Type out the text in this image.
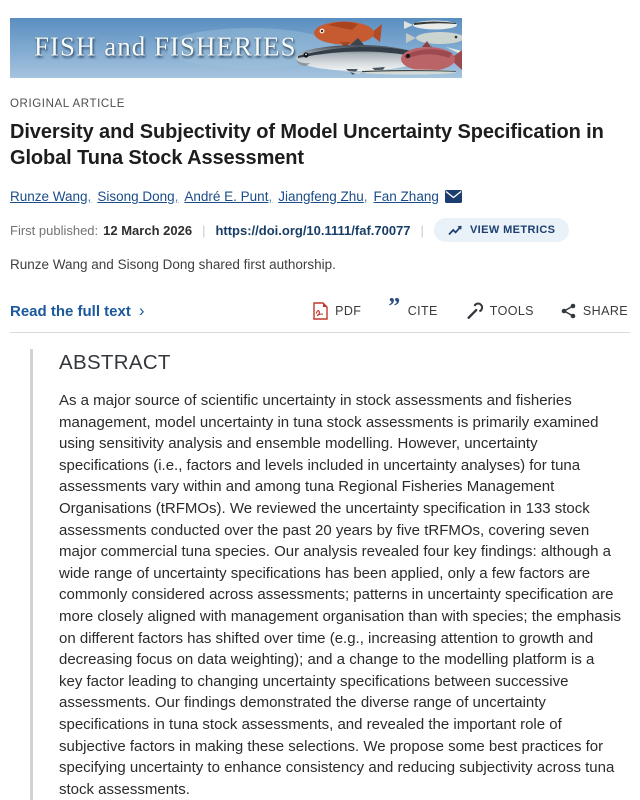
FISH and FISHERIES
ORIGINAL ARTICLE
Diversity and Subjectivity of Model Uncertainty Specification in Global Tuna Stock Assessment
Runze Wang , Sisong Dong , André E. Punt , Jiangfeng Zhu , Fan Zhang
First published: 12 March 2026 | https://doi.org/10.1111/faf.70077 |	VIEW METRICS
Runze Wang and Sisong Dong shared first authorship.
Read the full text ›	PDF ” CITE	TOOLS	SHARE
ABSTRACT

As a major source of scientific uncertainty in stock assessments and fisheries management, model uncertainty in tuna stock assessments is primarily examined using sensitivity analysis and ensemble modelling. However, uncertainty specifications (i.e., factors and levels included in uncertainty analyses) for tuna assessments vary within and among tuna Regional Fisheries Management Organisations (tRFMOs). We reviewed the uncertainty specification in 133 stock assessments conducted over the past 20 years by five tRFMOs, covering seven major commercial tuna species. Our analysis revealed four key findings: although a wide range of uncertainty specifications has been applied, only a few factors are commonly considered across assessments; patterns in uncertainty specification are more closely aligned with management organisation than with species; the emphasis on different factors has shifted over time (e.g., increasing attention to growth and decreasing focus on data weighting); and a change to the modelling platform is a key factor leading to changing uncertainty specifications between successive assessments. Our findings demonstrated the diverse range of uncertainty specifications in tuna stock assessments, and revealed the important role of subjective factors in making these selections. We propose some best practices for specifying uncertainty to enhance consistency and reducing subjectivity across tuna stock assessments.
